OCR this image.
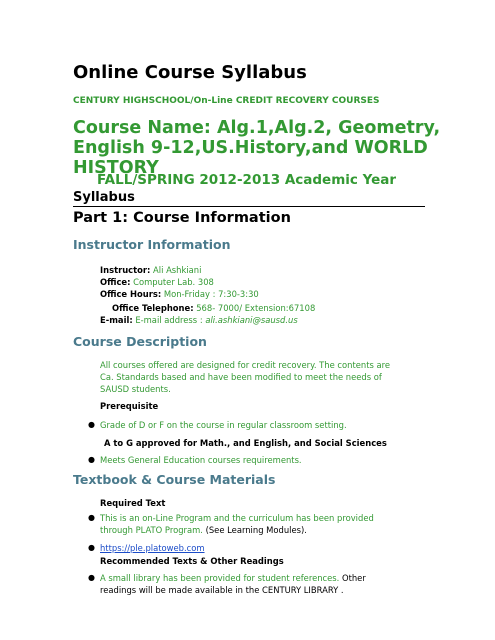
Online Course Syllabus
CENTURY HIGHSCHOOL/On-Line CREDIT RECOVERY COURSES
Course Name: Alg.1,Alg.2, Geometry,
English 9-12,US.History,and WORLD
HISTORY
FALL/SPRING 2012-2013 Academic Year
Syllabus
Part 1: Course Information
Instructor Information
Instructor: Ali Ashkiani
Office: Computer Lab. 308
Office Hours: Mon-Friday : 7:30-3:30
Office Telephone: 568- 7000/ Extension:67108
E-mail: E-mail address : ali.ashkiani@sausd.us
Course Description
All courses offered are designed for credit recovery. The contents are
Ca. Standards based and have been modified to meet the needs of
SAUSD students.
Prerequisite
● Grade of D or F on the course in regular classroom setting.
A to G approved for Math., and English, and Social Sciences
● Meets General Education courses requirements.
Textbook & Course Materials
Required Text
● This is an on-Line Program and the curriculum has been provided
through PLATO Program. (See Learning Modules).
● https://ple.platoweb.com
Recommended Texts & Other Readings
● A small library has been provided for student references. Other
readings will be made available in the CENTURY LIBRARY .
